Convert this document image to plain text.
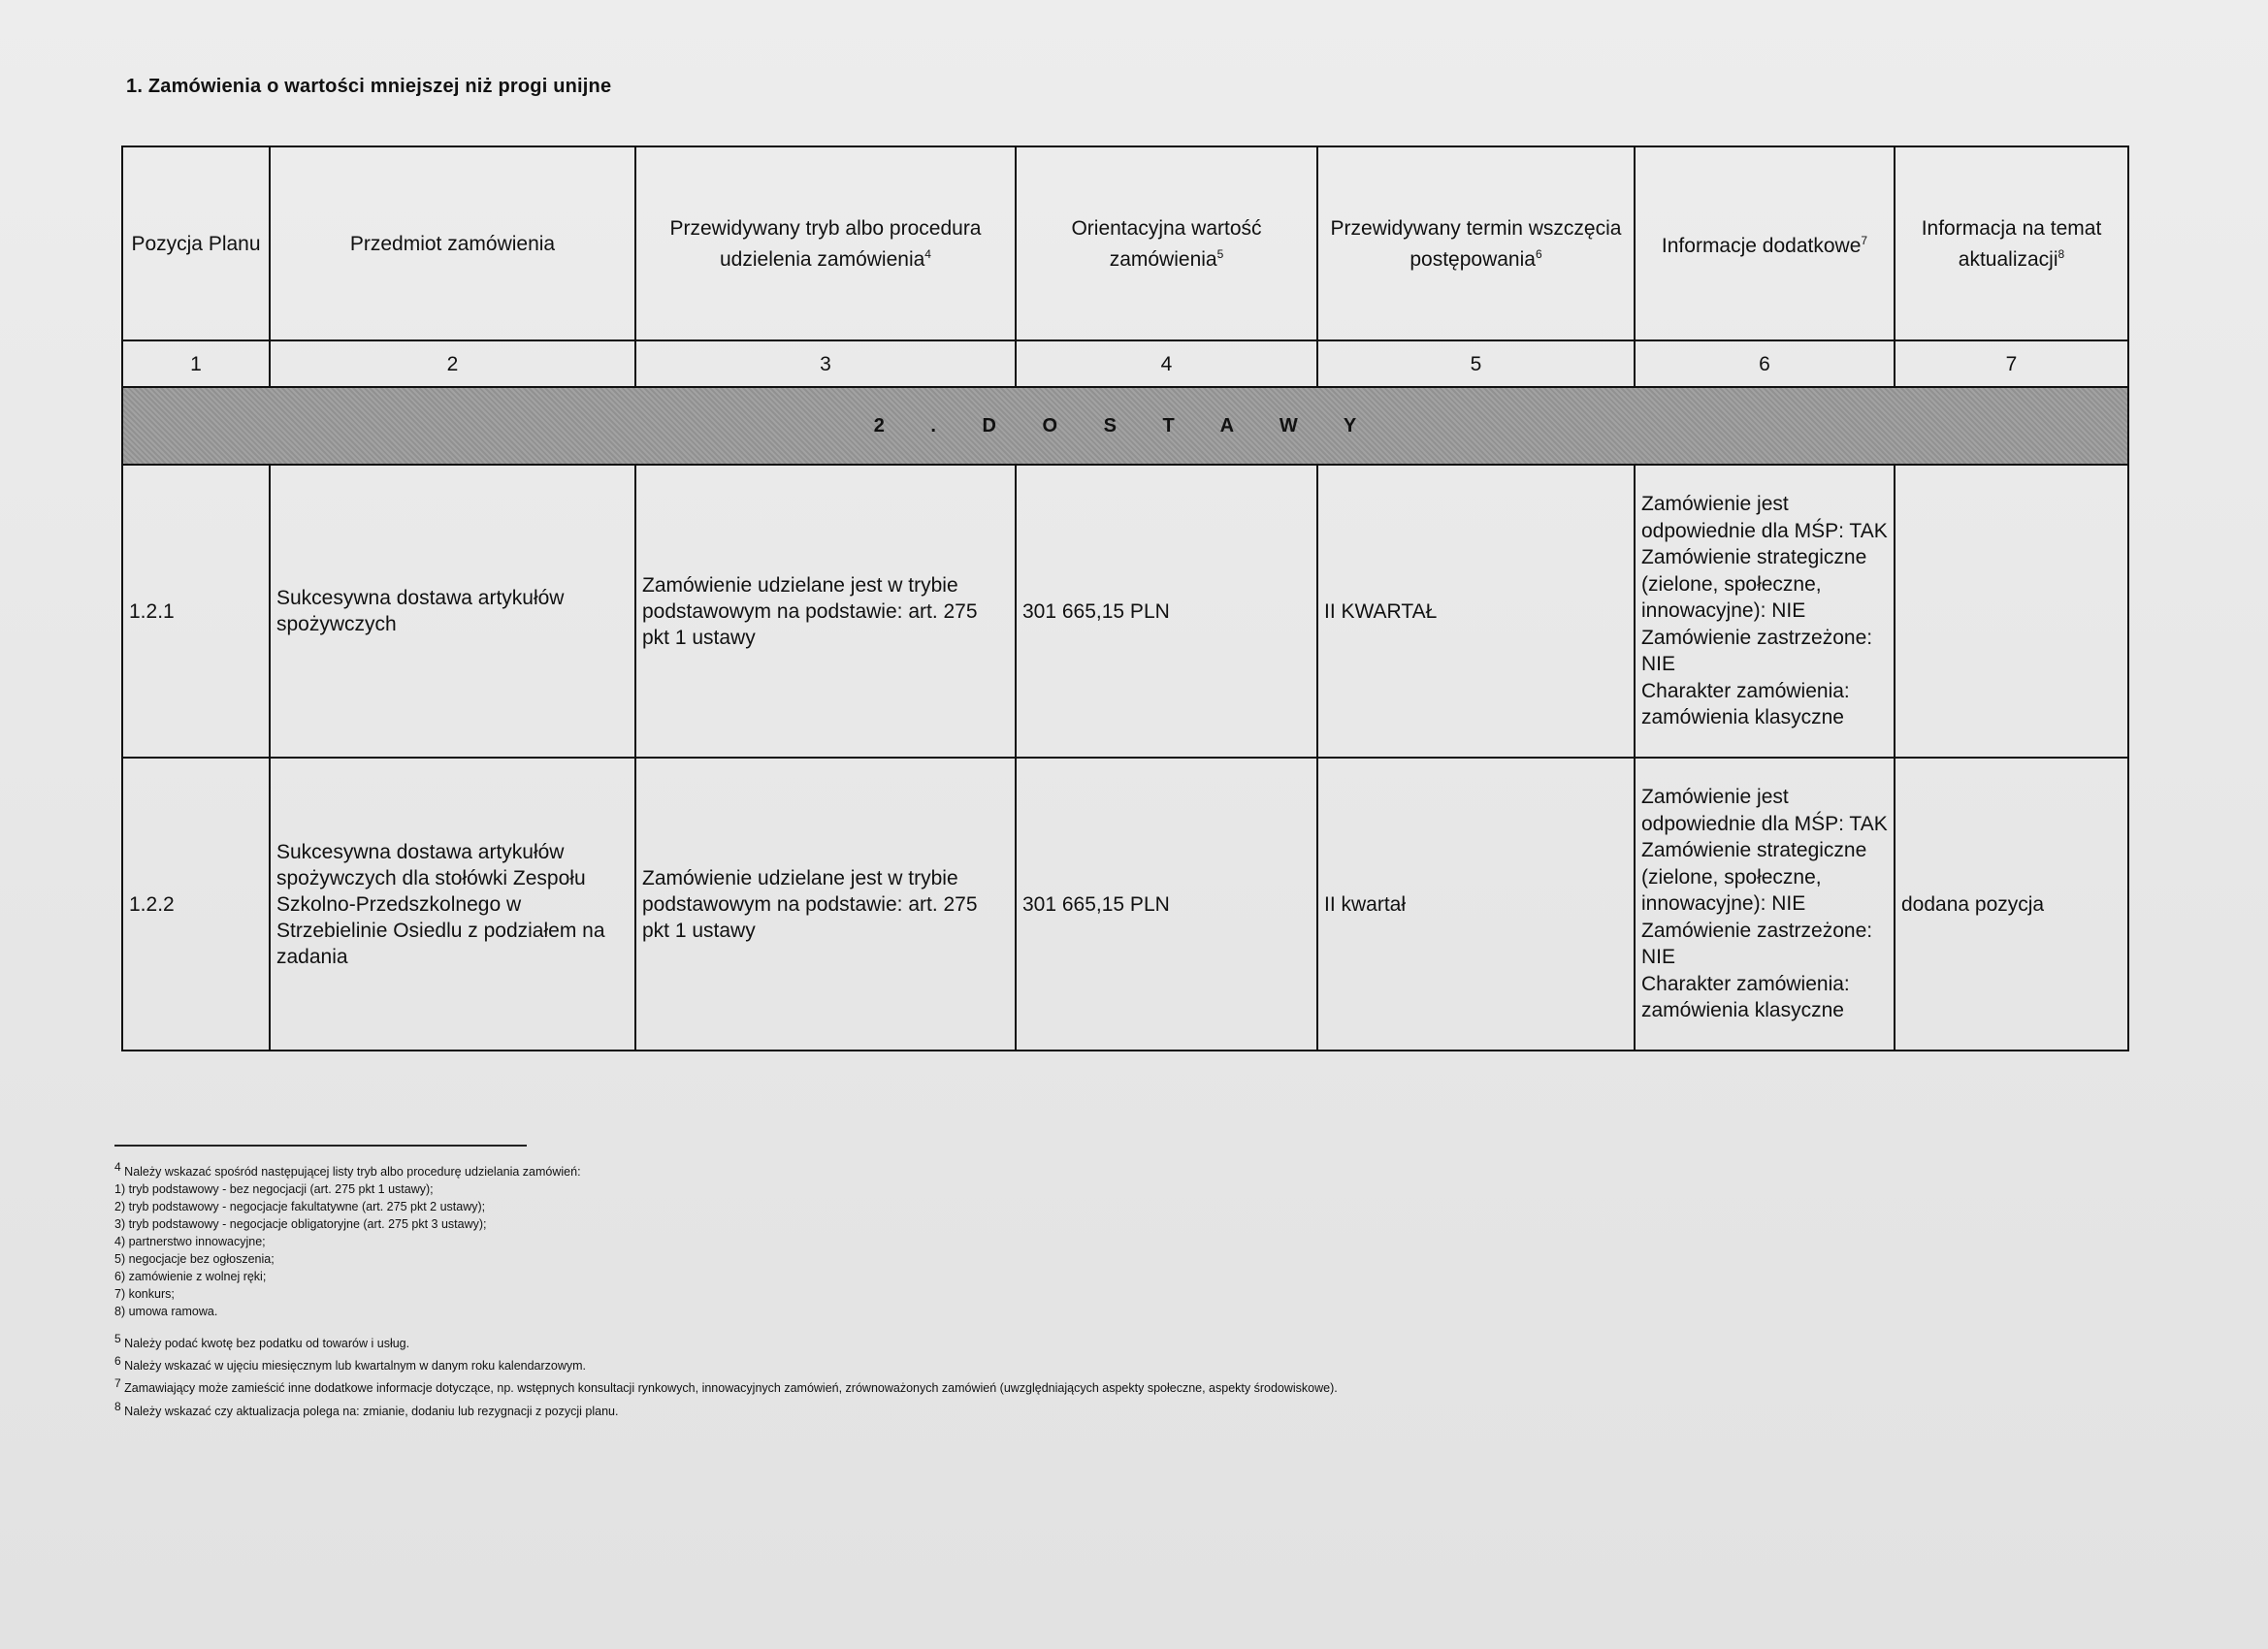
1. Zamówienia o wartości mniejszej niż progi unijne
Pozycja Planu	Przedmiot zamówienia	Przewidywany tryb albo procedura udzielenia zamówienia$^4$	Orientacyjna wartość zamówienia$^5$	Przewidywany termin wszczęcia postępowania$^6$	Informacje dodatkowe$^7$	Informacja na temat aktualizacji$^8$
1	2	3	4	5	6	7
2 . D O S T A W Y						
1.2.1	Sukcesywna dostawa artykułów spożywczych	Zamówienie udzielane jest w trybie podstawowym na podstawie: art. 275 pkt 1 ustawy	301 665,15 PLN	II KWARTAŁ	Zamówienie jest odpowiednie dla MŚP: TAK
Zamówienie strategiczne (zielone, społeczne, innowacyjne): NIE
Zamówienie zastrzeżone: NIE
Charakter zamówienia: zamówienia klasyczne	

1.2.2	Sukcesywna dostawa artykułów spożywczych dla stołówki Zespołu Szkolno-Przedszkolnego w Strzebielinie Osiedlu z podziałem na zadania	Zamówienie udzielane jest w trybie podstawowym na podstawie: art. 275 pkt 1 ustawy	301 665,15 PLN	II kwartał	Zamówienie jest odpowiednie dla MŚP: TAK
Zamówienie strategiczne (zielone, społeczne, innowacyjne): NIE
Zamówienie zastrzeżone: NIE
Charakter zamówienia: zamówienia klasyczne	dodana pozycja
$^4$ Należy wskazać spośród następującej listy tryb albo procedurę udzielania zamówień:
1) tryb podstawowy - bez negocjacji (art. 275 pkt 1 ustawy);
2) tryb podstawowy - negocjacje fakultatywne (art. 275 pkt 2 ustawy);
3) tryb podstawowy - negocjacje obligatoryjne (art. 275 pkt 3 ustawy);
4) partnerstwo innowacyjne;
5) negocjacje bez ogłoszenia;
6) zamówienie z wolnej ręki;
7) konkurs;
8) umowa ramowa.
$^5$ Należy podać kwotę bez podatku od towarów i usług.
$^6$ Należy wskazać w ujęciu miesięcznym lub kwartalnym w danym roku kalendarzowym.
$^7$ Zamawiający może zamieścić inne dodatkowe informacje dotyczące, np. wstępnych konsultacji rynkowych, innowacyjnych zamówień, zrównoważonych zamówień (uwzględniających aspekty społeczne, aspekty środowiskowe).
$^8$ Należy wskazać czy aktualizacja polega na: zmianie, dodaniu lub rezygnacji z pozycji planu.
